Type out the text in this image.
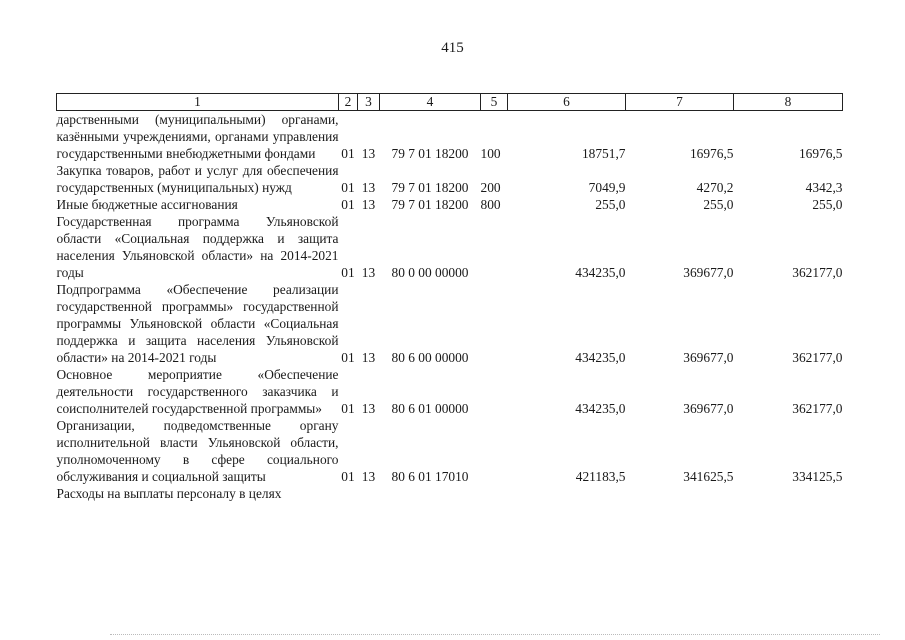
415
1	2	3	4	5	6	7	8
дарственными (муниципальными) органами, казёнными учреждениями, органами управления государственными внебюджетными фондами	01	13	79 7 01 18200	100	18751,7	16976,5	16976,5
Закупка товаров, работ и услуг для обеспечения государственных (муниципальных) нужд	01	13	79 7 01 18200	200	7049,9	4270,2	4342,3
Иные бюджетные ассигнования	01	13	79 7 01 18200	800	255,0	255,0	255,0
Государственная программа Ульяновской области «Социальная поддержка и защита населения Ульяновской области» на 2014-2021 годы	01	13	80 0 00 00000		434235,0	369677,0	362177,0
Подпрограмма «Обеспечение реализации государственной программы» государственной программы Ульяновской области «Социальная поддержка и защита населения Ульяновской области» на 2014-2021 годы	01	13	80 6 00 00000		434235,0	369677,0	362177,0
Основное мероприятие «Обеспечение деятельности государственного заказчика и соисполнителей государственной программы»	01	13	80 6 01 00000		434235,0	369677,0	362177,0
Организации, подведомственные органу исполнительной власти Ульяновской области, уполномоченному в сфере социального обслуживания и социальной защиты	01	13	80 6 01 17010		421183,5	341625,5	334125,5
Расходы на выплаты персоналу в целях							
